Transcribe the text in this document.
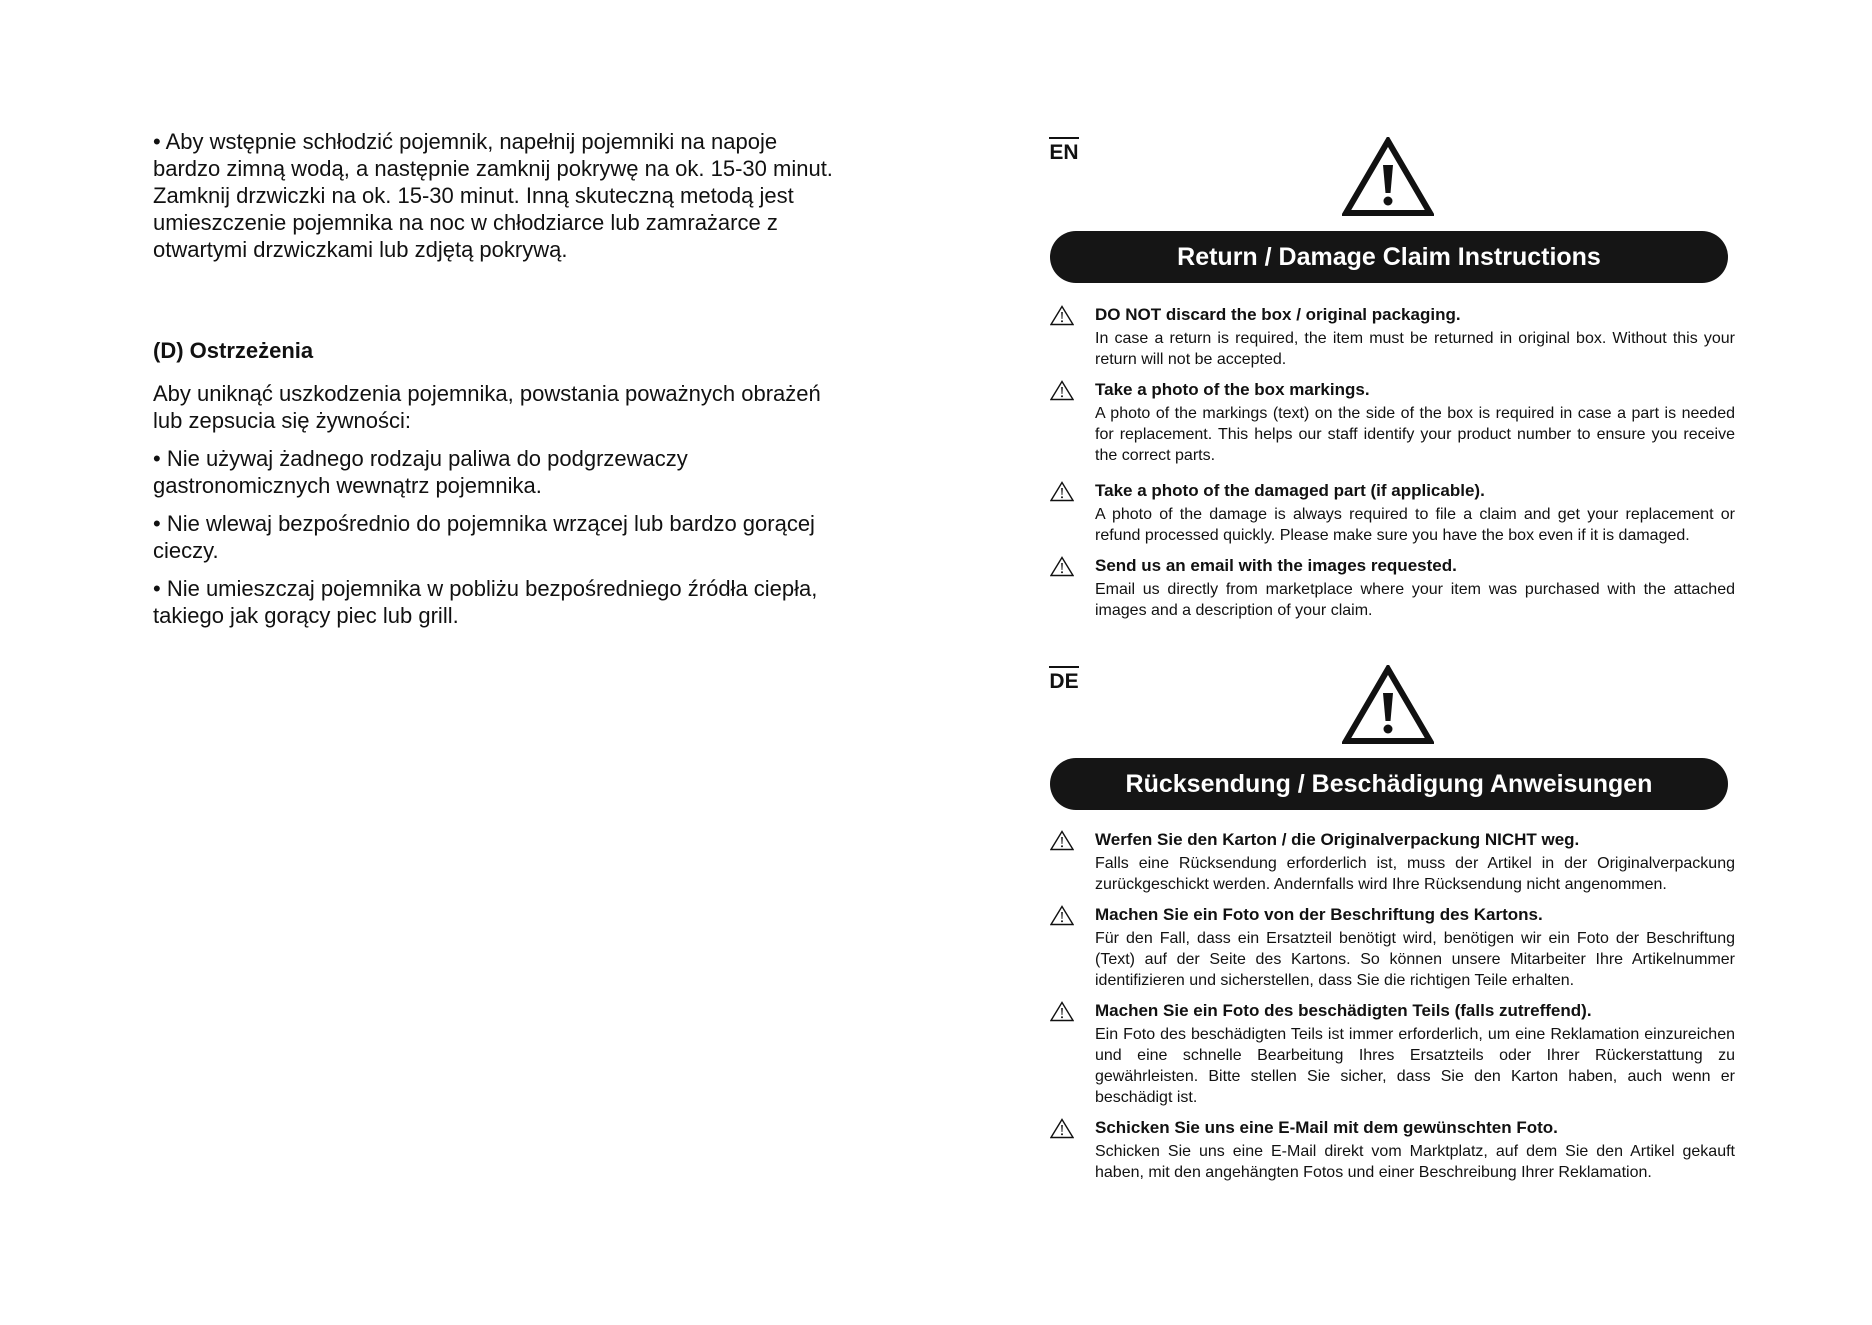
• Aby wstępnie schłodzić pojemnik, napełnij pojemniki na napoje bardzo zimną wodą, a następnie zamknij pokrywę na ok. 15-30 minut. Zamknij drzwiczki na ok. 15-30 minut. Inną skuteczną metodą jest umieszczenie pojemnika na noc w chłodziarce lub zamrażarce z otwartymi drzwiczkami lub zdjętą pokrywą.

(D) Ostrzeżenia

Aby uniknąć uszkodzenia pojemnika, powstania poważnych obrażeń lub zepsucia się żywności:

• Nie używaj żadnego rodzaju paliwa do podgrzewaczy gastronomicznych wewnątrz pojemnika.

• Nie wlewaj bezpośrednio do pojemnika wrzącej lub bardzo gorącej cieczy.

• Nie umieszczaj pojemnika w pobliżu bezpośredniego źródła ciepła, takiego jak gorący piec lub grill.

EN
Return / Damage Claim Instructions

DO NOT discard the box / original packaging.

In case a return is required, the item must be returned in original box. Without this your return will not be accepted.

Take a photo of the box markings.

A photo of the markings (text) on the side of the box is required in case a part is needed for replacement. This helps our staff identify your product number to ensure you receive the correct parts.

Take a photo of the damaged part (if applicable).

A photo of the damage is always required to file a claim and get your replacement or refund processed quickly. Please make sure you have the box even if it is damaged.

Send us an email with the images requested.

Email us directly from marketplace where your item was purchased with the attached images and a description of your claim.

DE
Rücksendung / Beschädigung Anweisungen

Werfen Sie den Karton / die Originalverpackung NICHT weg.

Falls eine Rücksendung erforderlich ist, muss der Artikel in der Originalverpackung zurückgeschickt werden. Andernfalls wird Ihre Rücksendung nicht angenommen.

Machen Sie ein Foto von der Beschriftung des Kartons.

Für den Fall, dass ein Ersatzteil benötigt wird, benötigen wir ein Foto der Beschriftung (Text) auf der Seite des Kartons. So können unsere Mitarbeiter Ihre Artikelnummer identifizieren und sicherstellen, dass Sie die richtigen Teile erhalten.

Machen Sie ein Foto des beschädigten Teils (falls zutreffend).

Ein Foto des beschädigten Teils ist immer erforderlich, um eine Reklamation einzureichen und eine schnelle Bearbeitung Ihres Ersatzteils oder Ihrer Rückerstattung zu gewährleisten. Bitte stellen Sie sicher, dass Sie den Karton haben, auch wenn er beschädigt ist.

Schicken Sie uns eine E-Mail mit dem gewünschten Foto.

Schicken Sie uns eine E-Mail direkt vom Marktplatz, auf dem Sie den Artikel gekauft haben, mit den angehängten Fotos und einer Beschreibung Ihrer Reklamation.
